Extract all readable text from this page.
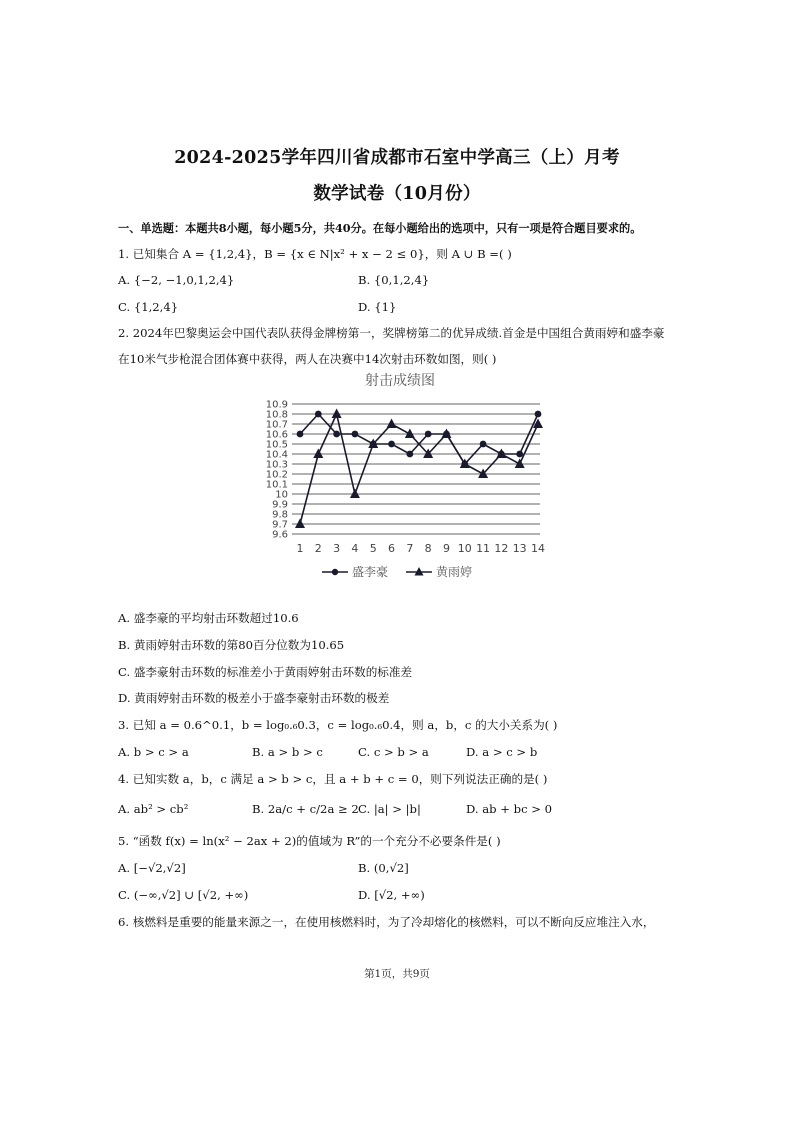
2024-2025学年四川省成都市石室中学高三（上）月考
数学试卷（10月份）
一、单选题：本题共8小题，每小题5分，共40分。在每小题给出的选项中，只有一项是符合题目要求的。
1. 已知集合 A = {1,2,4}，B = {x ∈ N|x² + x − 2 ≤ 0}，则 A ∪ B =( )
A. {−2, −1,0,1,2,4}	B. {0,1,2,4}
C. {1,2,4}	D. {1}
2. 2024年巴黎奥运会中国代表队获得金牌榜第一，奖牌榜第二的优异成绩.首金是中国组合黄雨婷和盛李豪
在10米气步枪混合团体赛中获得，两人在决赛中14次射击环数如图，则( )
射击成绩图
10.9
10.8
10.7
10.6
10.5
10.4
10.3
10.2
10.1
10
9.9
9.8
9.7
9.6
1 2 3 4 5 6 7 8 9 10 11 12 13 14
盛李豪	黄雨婷
A. 盛李豪的平均射击环数超过10.6
B. 黄雨婷射击环数的第80百分位数为10.65
C. 盛李豪射击环数的标准差小于黄雨婷射击环数的标准差
D. 黄雨婷射击环数的极差小于盛李豪射击环数的极差
3. 已知 a = 0.6^0.1，b = log₀.₆0.3，c = log₀.₆0.4，则 a，b，c 的大小关系为( )
A. b > c > a	B. a > b > c	C. c > b > a	D. a > c > b
4. 已知实数 a，b，c 满足 a > b > c，且 a + b + c = 0，则下列说法正确的是( )
A. ab² > cb²	B. 2a/c + c/2a ≥ 2 C. |a| > |b|	D. ab + bc > 0
5. “函数 f(x) = ln(x² − 2ax + 2)的值域为 R”的一个充分不必要条件是( )
A. [−√2,√2]	B. (0,√2]
C. (−∞,√2] ∪ [√2, +∞)	D. [√2, +∞)
6. 核燃料是重要的能量来源之一，在使用核燃料时，为了冷却熔化的核燃料，可以不断向反应堆注入水，
第1页，共9页
